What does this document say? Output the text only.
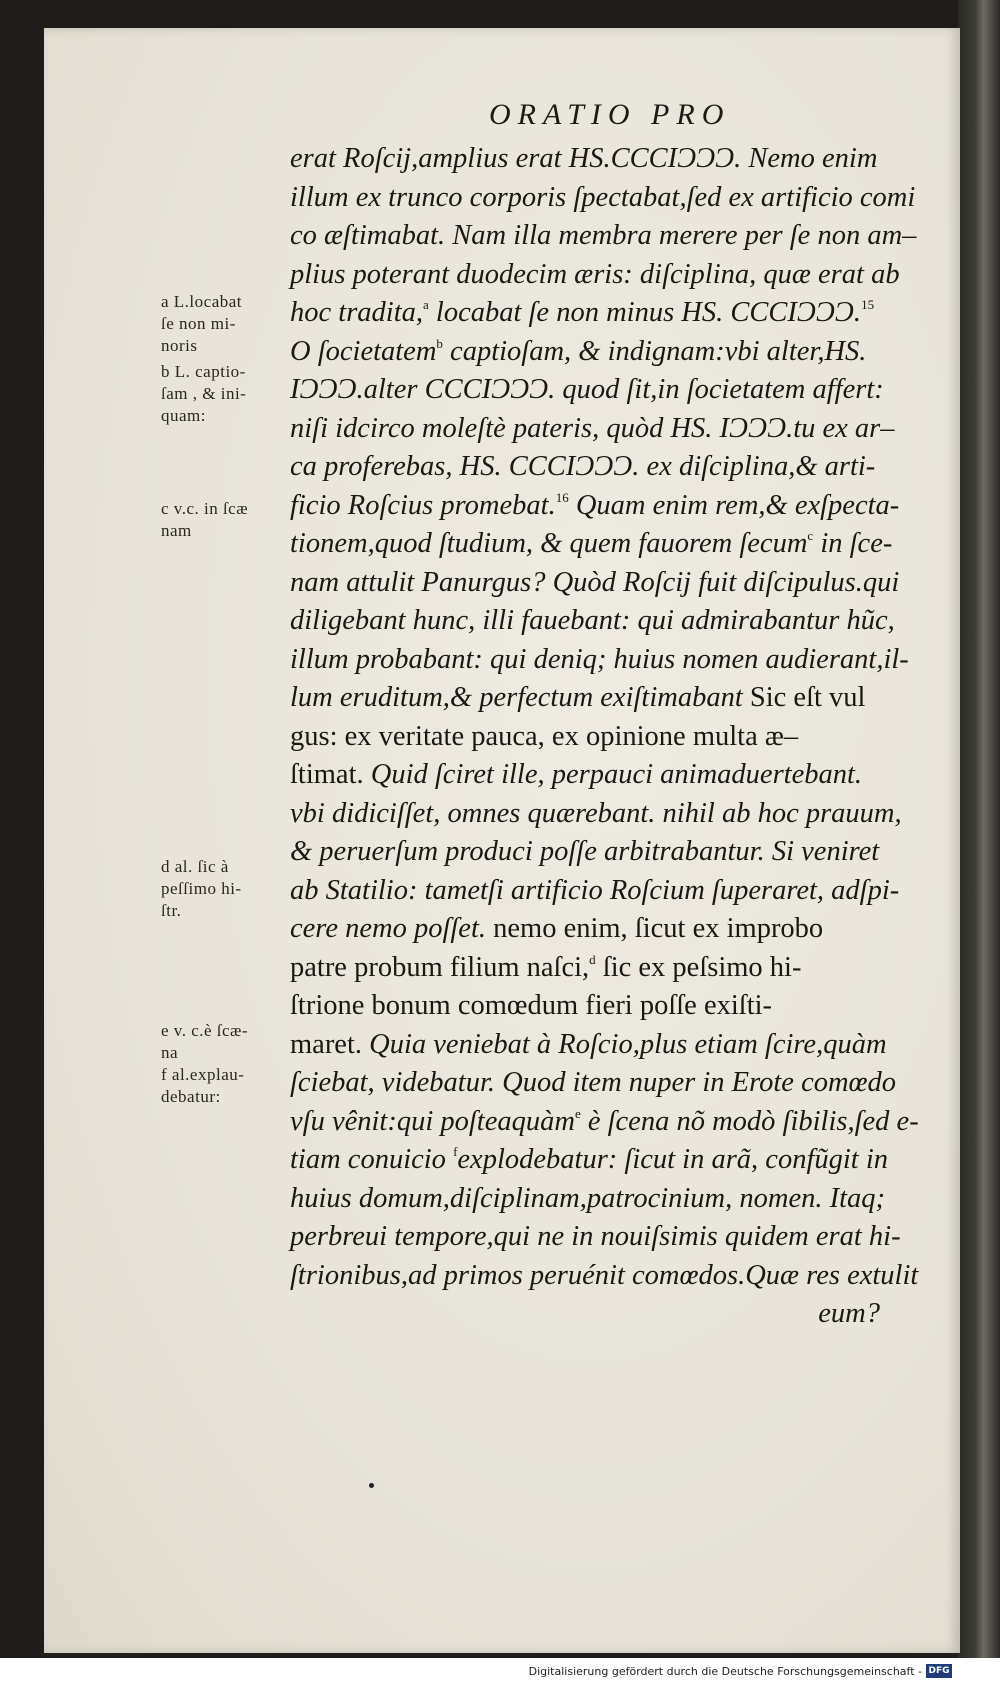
ORATIO PRO
erat Roſcij,amplius erat HS.CCCIƆƆƆ. Nemo enim
illum ex trunco corporis ſpectabat,ſed ex artificio comi
co æſtimabat. Nam illa membra merere per ſe non am–
plius poterant duodecim æris: diſciplina, quæ erat ab
hoc tradita,$^a$ locabat ſe non minus HS. CCCIƆƆƆ.$^{15}$
O ſocietatem$^b$ captioſam, & indignam:vbi alter,HS.
IƆƆƆ.alter CCCIƆƆƆ. quod ſit,in ſocietatem affert:
niſi idcirco moleſtè pateris, quòd HS. IƆƆƆ.tu ex ar–
ca proferebas, HS. CCCIƆƆƆ. ex diſciplina,& arti-
ficio Roſcius promebat.$^{16}$ Quam enim rem,& exſpecta-
tionem,quod ſtudium, & quem fauorem ſecum$^c$ in ſce-
nam attulit Panurgus? Quòd Roſcij fuit diſcipulus.qui
diligebant hunc, illi fauebant: qui admirabantur hũc,
illum probabant: qui deniq; huius nomen audierant,il-
lum eruditum,& perfectum exiſtimabant Sic eſt vul
gus: ex veritate pauca, ex opinione multa æ–
ſtimat. Quid ſciret ille, perpauci animaduertebant.
vbi didiciſſet, omnes quærebant. nihil ab hoc prauum,
& peruerſum produci poſſe arbitrabantur. Si veniret
ab Statilio: tametſi artificio Roſcium ſuperaret, adſpi-
cere nemo poſſet. nemo enim, ſicut ex improbo
patre probum filium naſci,$^d$ ſic ex peſsimo hi-
ſtrione bonum comœdum fieri poſſe exiſti-
maret. Quia veniebat à Roſcio,plus etiam ſcire,quàm
ſciebat, videbatur. Quod item nuper in Erote comœdo
vſu vênit:qui poſteaquàm$^e$ è ſcena nõ modò ſibilis,ſed e-
tiam conuicio $^f$explodebatur: ſicut in arã, confũgit in
huius domum,diſciplinam,patrocinium, nomen. Itaq;
perbreui tempore,qui ne in nouiſsimis quidem erat hi-
ſtrionibus,ad primos peruénit comœdos.Quæ res extulit
eum?
a L.locabat
ſe non mi-
noris
b L. captio-
ſam , & ini-
quam:
c v.c. in ſcæ
nam
d al. ſic à
peſſimo hi-
ſtr.
e v. c.è ſcæ-
na
f al.explau-
debatur:
Digitalisierung gefördert durch die Deutsche Forschungsgemeinschaft - DFG
